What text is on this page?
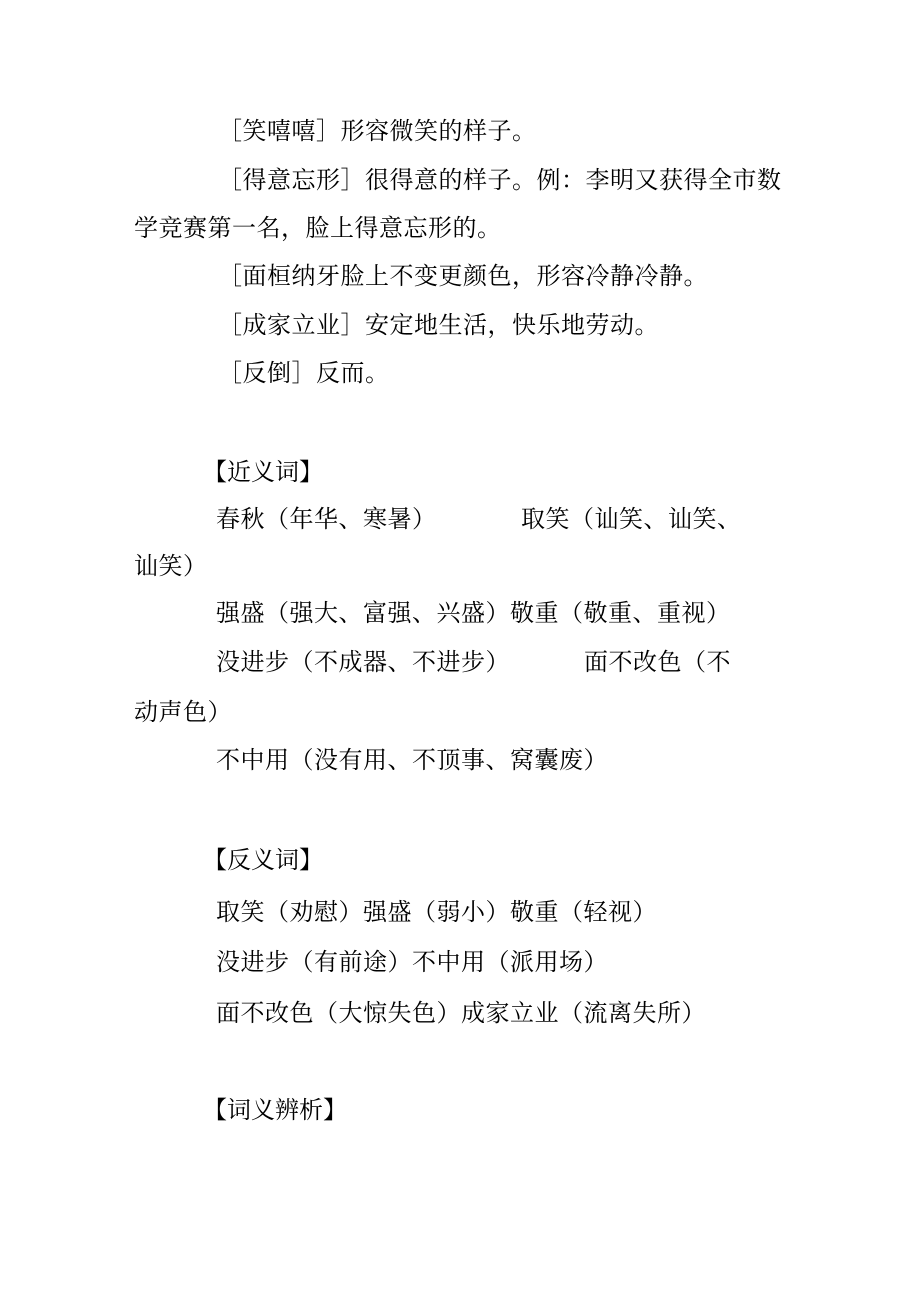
［笑嘻嘻］形容微笑的样子。
［得意忘形］很得意的样子。例：李明又获得全市数
学竞赛第一名，脸上得意忘形的。
［面桓纳牙脸上不变更颜色，形容冷静冷静。
［成家立业］安定地生活，快乐地劳动。
［反倒］反而。
【近义词】
春秋（年华、寒暑）	取笑（讪笑、讪笑、
讪笑）
强盛（强大、富强、兴盛）敬重（敬重、重视）
没进步（不成器、不进步）	面不改色（不
动声色）
不中用（没有用、不顶事、窝囊废）
【反义词】
取笑（劝慰）强盛（弱小）敬重（轻视）
没进步（有前途）不中用（派用场）
面不改色（大惊失色）成家立业（流离失所）
【词义辨析】
